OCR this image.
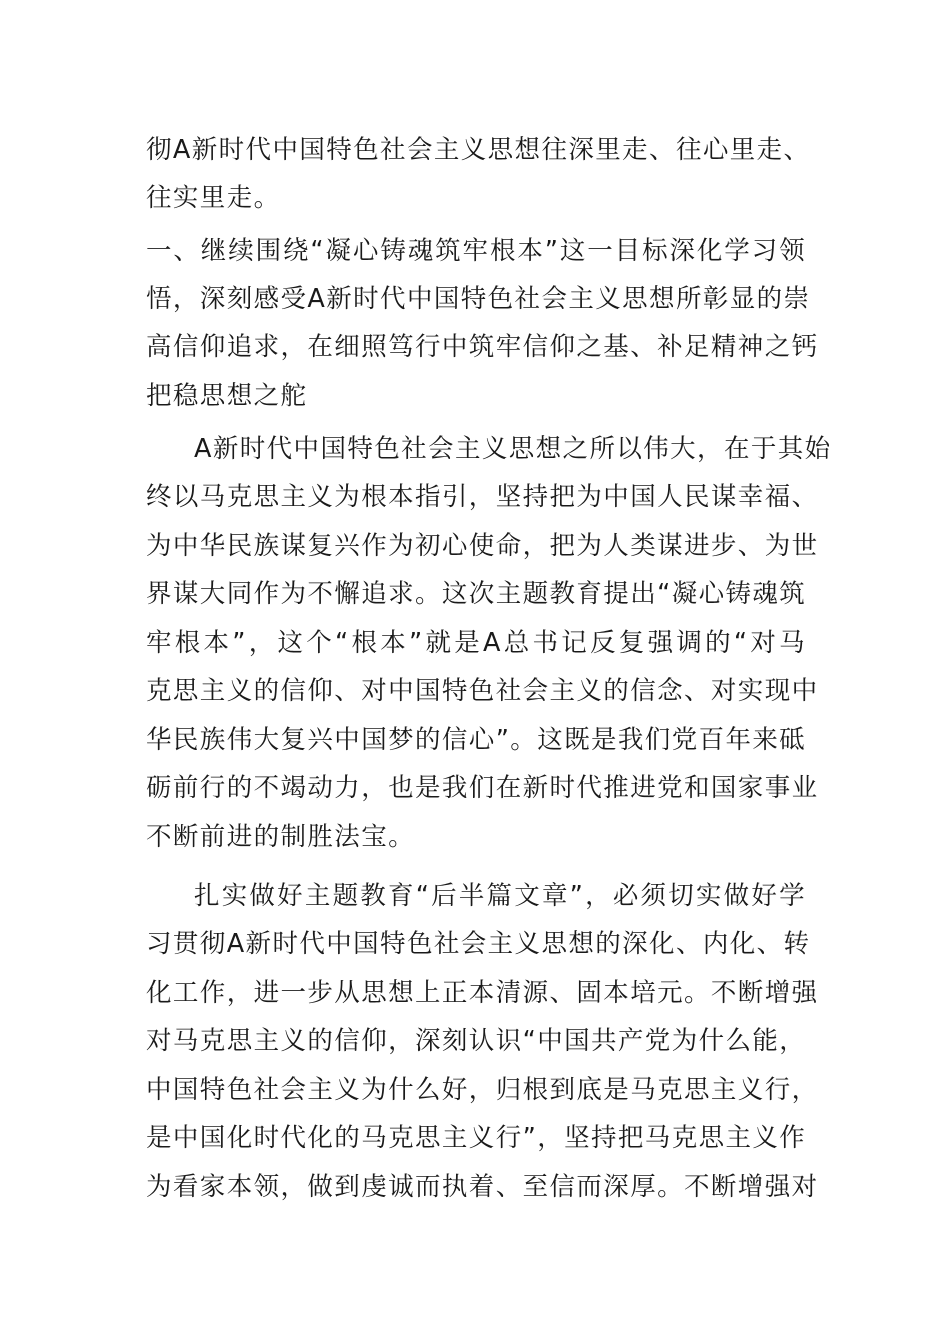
彻A新时代中国特色社会主义思想往深里走、往心里走、
往实里走。
一、继续围绕“凝心铸魂筑牢根本”这一目标深化学习领
悟，深刻感受A新时代中国特色社会主义思想所彰显的崇
高信仰追求，在细照笃行中筑牢信仰之基、补足精神之钙
把稳思想之舵
A新时代中国特色社会主义思想之所以伟大，在于其始
终以马克思主义为根本指引，坚持把为中国人民谋幸福、
为中华民族谋复兴作为初心使命，把为人类谋进步、为世
界谋大同作为不懈追求。这次主题教育提出“凝心铸魂筑
牢根本”，这个“根本”就是A总书记反复强调的“对马
克思主义的信仰、对中国特色社会主义的信念、对实现中
华民族伟大复兴中国梦的信心”。这既是我们党百年来砥
砺前行的不竭动力，也是我们在新时代推进党和国家事业
不断前进的制胜法宝。
扎实做好主题教育“后半篇文章”，必须切实做好学
习贯彻A新时代中国特色社会主义思想的深化、内化、转
化工作，进一步从思想上正本清源、固本培元。不断增强
对马克思主义的信仰，深刻认识“中国共产党为什么能，
中国特色社会主义为什么好，归根到底是马克思主义行，
是中国化时代化的马克思主义行”，坚持把马克思主义作
为看家本领，做到虔诚而执着、至信而深厚。不断增强对
